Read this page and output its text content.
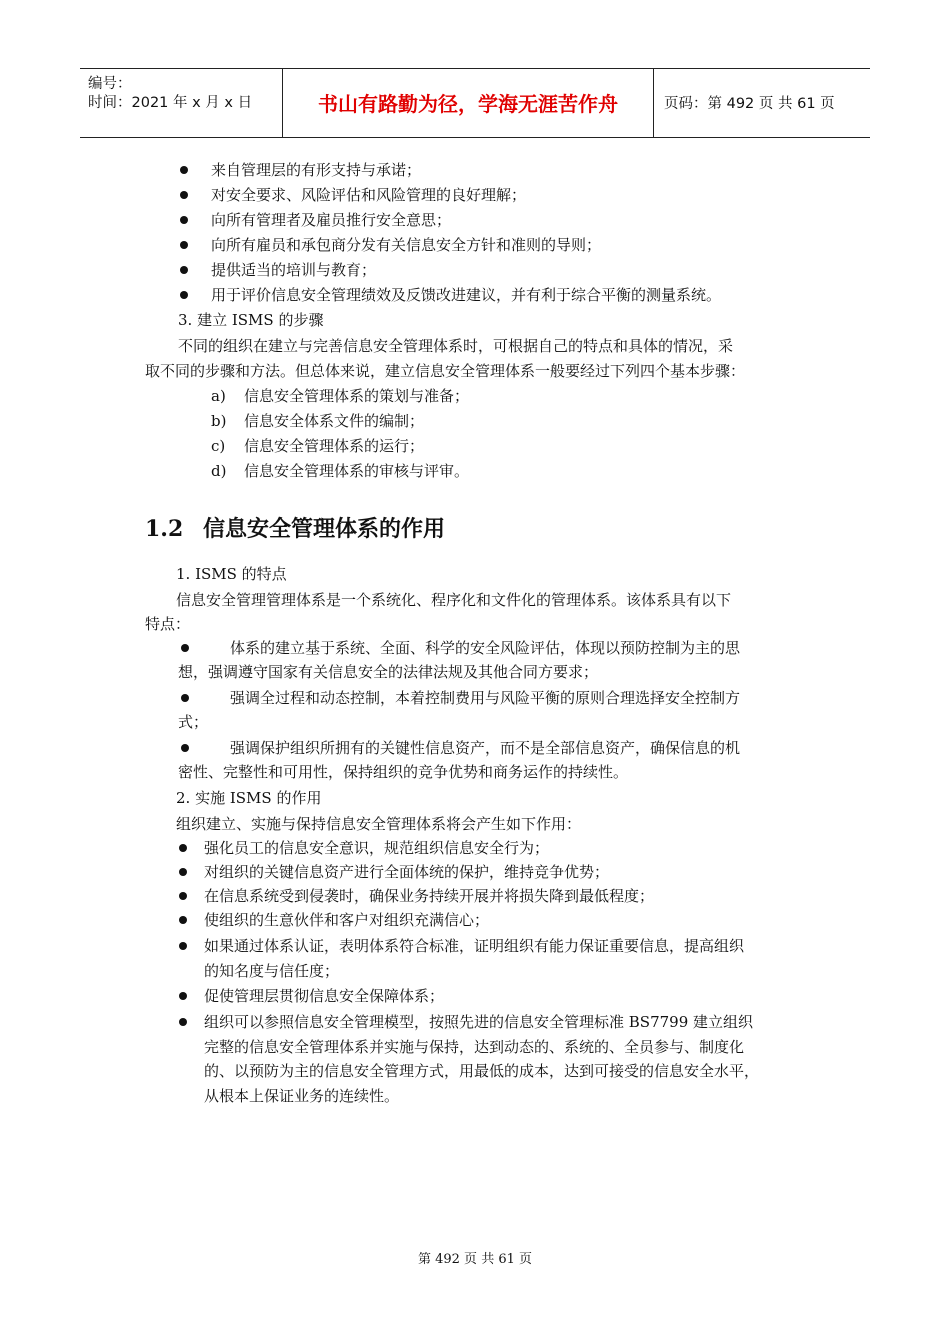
编号：
时间：2021 年 x 月 x 日	书山有路勤为径，学海无涯苦作舟	页码：第 492 页 共 61 页
来自管理层的有形支持与承诺；
对安全要求、风险评估和风险管理的良好理解；
向所有管理者及雇员推行安全意思；
向所有雇员和承包商分发有关信息安全方针和准则的导则；
提供适当的培训与教育；
用于评价信息安全管理绩效及反馈改进建议，并有利于综合平衡的测量系统。
3. 建立 ISMS 的步骤
不同的组织在建立与完善信息安全管理体系时，可根据自己的特点和具体的情况，采
取不同的步骤和方法。但总体来说，建立信息安全管理体系一般要经过下列四个基本步骤：
a) 信息安全管理体系的策划与准备；
b) 信息安全体系文件的编制；
c) 信息安全管理体系的运行；
d) 信息安全管理体系的审核与评审。
1. ISMS 的特点
信息安全管理管理体系是一个系统化、程序化和文件化的管理体系。该体系具有以下
特点：
体系的建立基于系统、全面、科学的安全风险评估，体现以预防控制为主的思
想，强调遵守国家有关信息安全的法律法规及其他合同方要求；
强调全过程和动态控制，本着控制费用与风险平衡的原则合理选择安全控制方
式；
强调保护组织所拥有的关键性信息资产，而不是全部信息资产，确保信息的机
密性、完整性和可用性，保持组织的竞争优势和商务运作的持续性。
2. 实施 ISMS 的作用
组织建立、实施与保持信息安全管理体系将会产生如下作用：
强化员工的信息安全意识，规范组织信息安全行为；
对组织的关键信息资产进行全面体统的保护，维持竞争优势；
在信息系统受到侵袭时，确保业务持续开展并将损失降到最低程度；
使组织的生意伙伴和客户对组织充满信心；
如果通过体系认证，表明体系符合标准，证明组织有能力保证重要信息，提高组织
的知名度与信任度；
促使管理层贯彻信息安全保障体系；
组织可以参照信息安全管理模型，按照先进的信息安全管理标准 BS7799 建立组织
完整的信息安全管理体系并实施与保持，达到动态的、系统的、全员参与、制度化
的、以预防为主的信息安全管理方式，用最低的成本，达到可接受的信息安全水平，
从根本上保证业务的连续性。
1.2 信息安全管理体系的作用
第 492 页 共 61 页
